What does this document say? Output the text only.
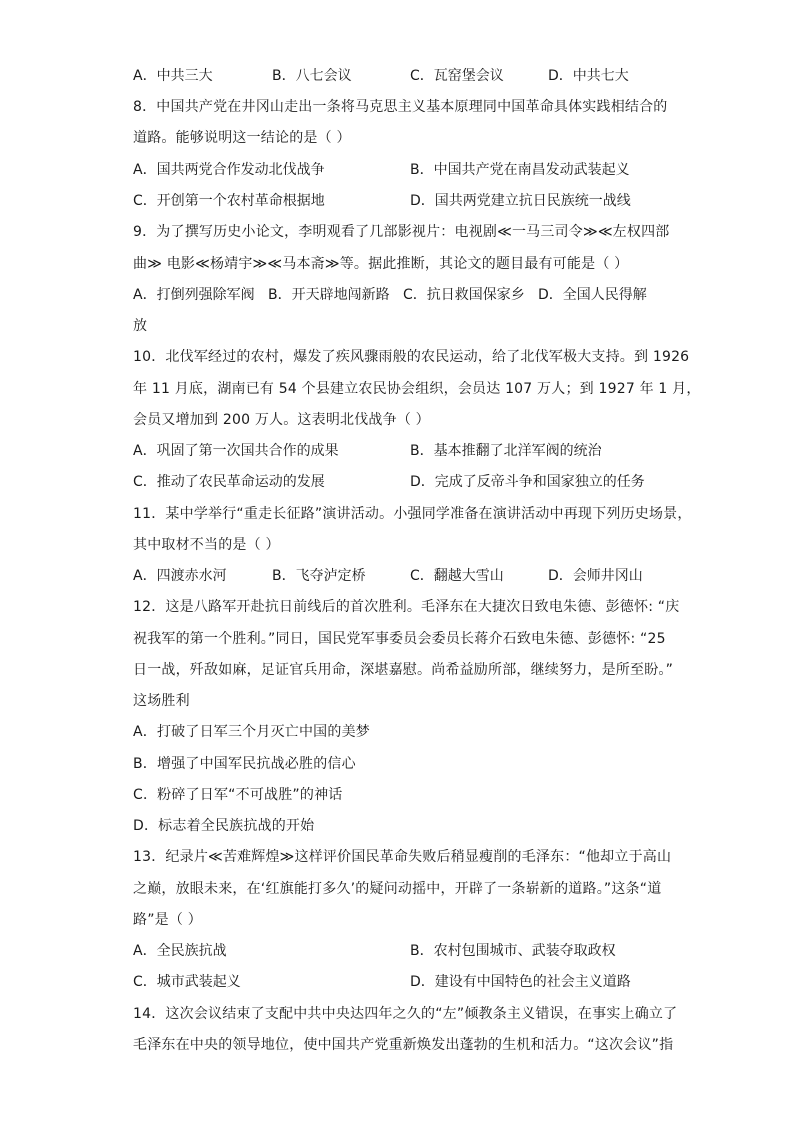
A．中共三大	B．八七会议	C．瓦窑堡会议	D．中共七大
8．中国共产党在井冈山走出一条将马克思主义基本原理同中国革命具体实践相结合的
道路。能够说明这一结论的是（ ）
A．国共两党合作发动北伐战争	B．中国共产党在南昌发动武装起义
C．开创第一个农村革命根据地	D．国共两党建立抗日民族统一战线
9．为了撰写历史小论文，李明观看了几部影视片：电视剧≪一马三司令≫≪左权四部
曲≫ 电影≪杨靖宇≫≪马本斋≫等。据此推断，其论文的题目最有可能是（ ）
A．打倒列强除军阀 B．开天辟地闯新路 C．抗日救国保家乡 D．全国人民得解
放
10．北伐军经过的农村，爆发了疾风骤雨般的农民运动，给了北伐军极大支持。到 1926
年 11 月底，湖南已有 54 个县建立农民协会组织，会员达 107 万人；到 1927 年 1 月，
会员又增加到 200 万人。这表明北伐战争（ ）
A．巩固了第一次国共合作的成果	B．基本推翻了北洋军阀的统治
C．推动了农民革命运动的发展	D．完成了反帝斗争和国家独立的任务
11．某中学举行“重走长征路”演讲活动。小强同学准备在演讲活动中再现下列历史场景，
其中取材不当的是（ ）
A．四渡赤水河	B．飞夺泸定桥	C．翻越大雪山	D．会师井冈山
12．这是八路军开赴抗日前线后的首次胜利。毛泽东在大捷次日致电朱德、彭德怀: “庆
祝我军的第一个胜利。”同日，国民党军事委员会委员长蒋介石致电朱德、彭德怀: “25
日一战，歼敌如麻，足证官兵用命，深堪嘉慰。尚希益励所部，继续努力，是所至盼。”
这场胜利
A．打破了日军三个月灭亡中国的美梦
B．增强了中国军民抗战必胜的信心
C．粉碎了日军“不可战胜”的神话
D．标志着全民族抗战的开始
13．纪录片≪苦难辉煌≫这样评价国民革命失败后稍显瘦削的毛泽东：“他却立于高山
之巅，放眼未来，在‘红旗能打多久’的疑问动摇中，开辟了一条崭新的道路。”这条“道
路”是（ ）
A．全民族抗战	B．农村包围城市、武装夺取政权
C．城市武装起义	D．建设有中国特色的社会主义道路
14．这次会议结束了支配中共中央达四年之久的“左”倾教条主义错误，在事实上确立了
毛泽东在中央的领导地位，使中国共产党重新焕发出蓬勃的生机和活力。“这次会议”指
